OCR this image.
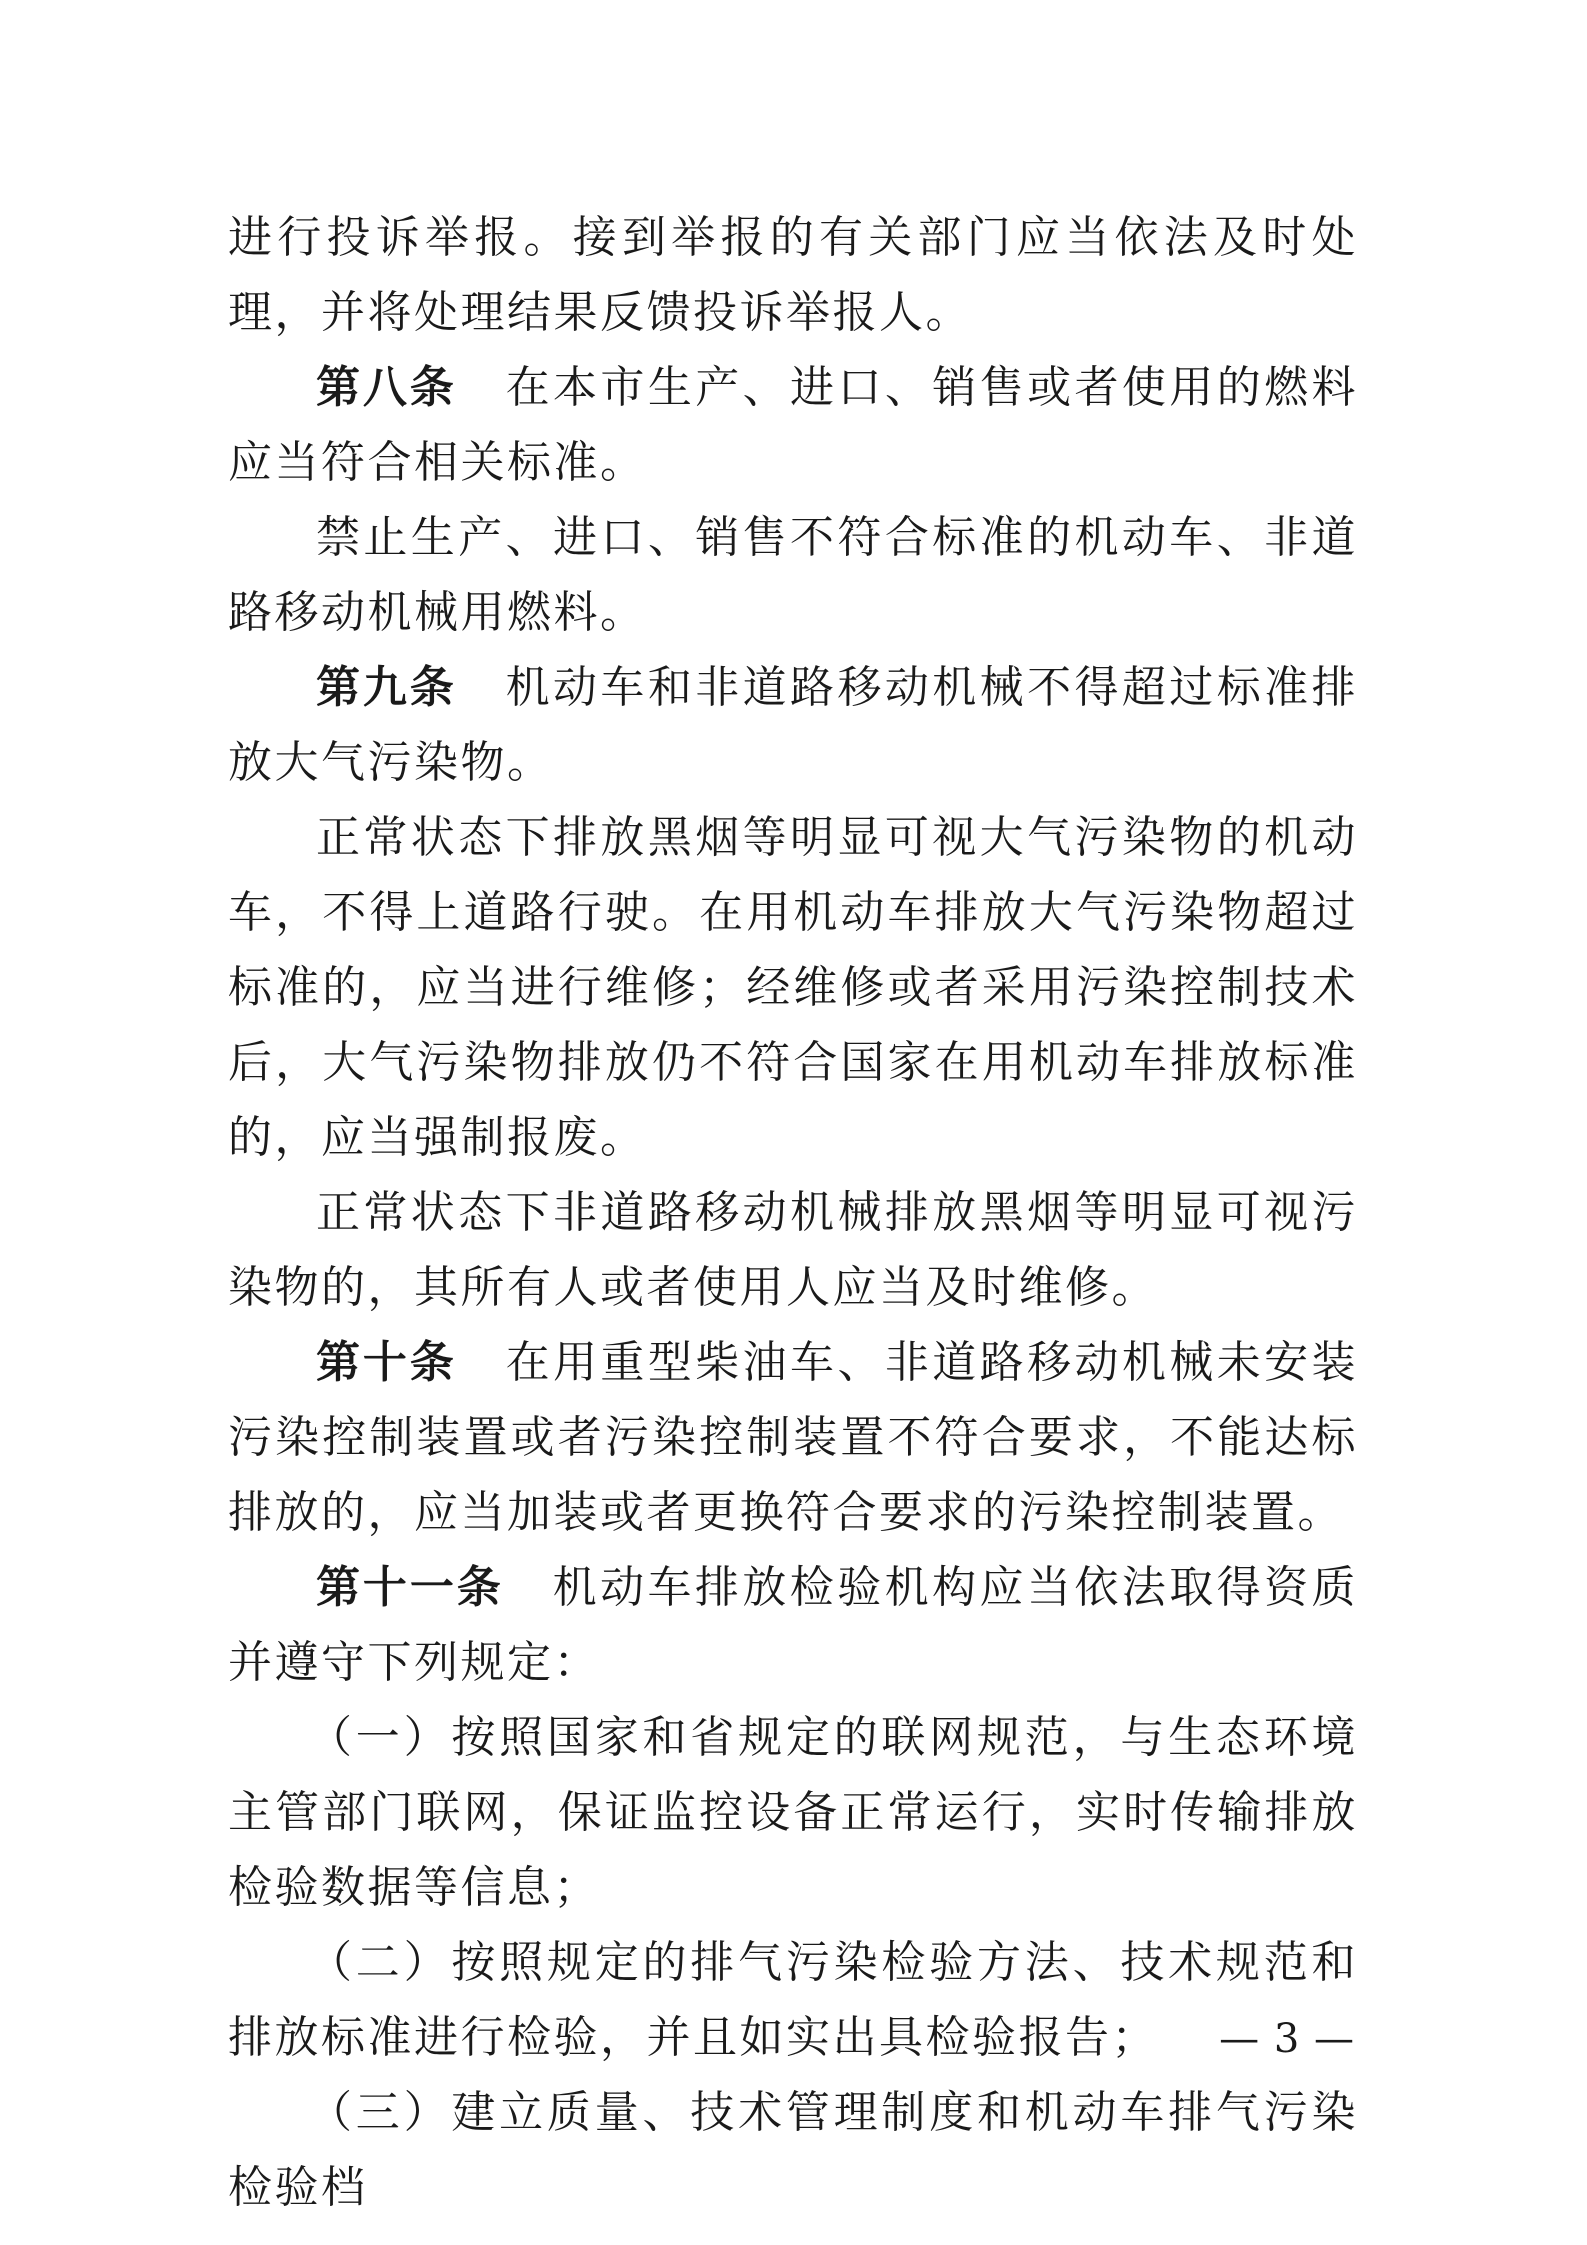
进行投诉举报。接到举报的有关部门应当依法及时处理，并将处理结果反馈投诉举报人。

第八条 在本市生产、进口、销售或者使用的燃料应当符合相关标准。

禁止生产、进口、销售不符合标准的机动车、非道路移动机械用燃料。

第九条 机动车和非道路移动机械不得超过标准排放大气污染物。

正常状态下排放黑烟等明显可视大气污染物的机动车，不得上道路行驶。在用机动车排放大气污染物超过标准的，应当进行维修；经维修或者采用污染控制技术后，大气污染物排放仍不符合国家在用机动车排放标准的，应当强制报废。

正常状态下非道路移动机械排放黑烟等明显可视污染物的，其所有人或者使用人应当及时维修。

第十条 在用重型柴油车、非道路移动机械未安装污染控制装置或者污染控制装置不符合要求，不能达标排放的，应当加装或者更换符合要求的污染控制装置。

第十一条 机动车排放检验机构应当依法取得资质并遵守下列规定：

（一）按照国家和省规定的联网规范，与生态环境主管部门联网，保证监控设备正常运行，实时传输排放检验数据等信息；

（二）按照规定的排气污染检验方法、技术规范和排放标准进行检验，并且如实出具检验报告；

（三）建立质量、技术管理制度和机动车排气污染检验档

— 3 —
